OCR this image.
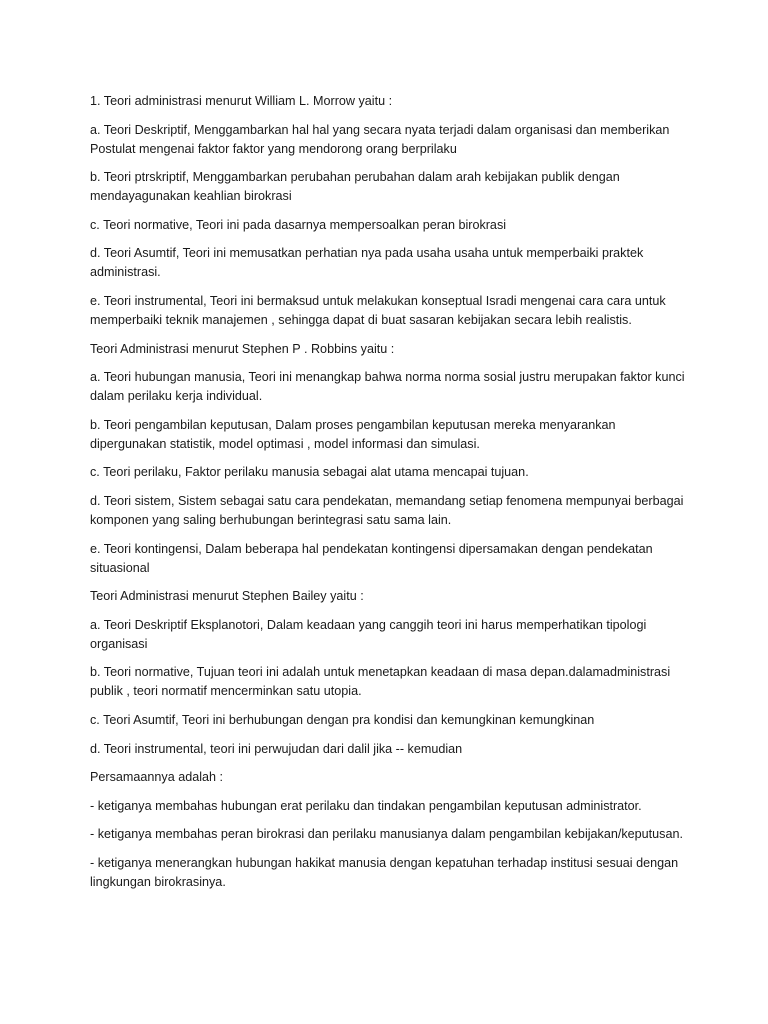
1. Teori administrasi menurut William L. Morrow yaitu :

a. Teori Deskriptif, Menggambarkan hal hal yang secara nyata terjadi dalam organisasi dan memberikan Postulat mengenai faktor faktor yang mendorong orang berprilaku

b. Teori ptrskriptif, Menggambarkan perubahan perubahan dalam arah kebijakan publik dengan mendayagunakan keahlian birokrasi

c. Teori normative, Teori ini pada dasarnya mempersoalkan peran birokrasi

d. Teori Asumtif, Teori ini memusatkan perhatian nya pada usaha usaha untuk memperbaiki praktek administrasi.

e. Teori instrumental, Teori ini bermaksud untuk melakukan konseptual Isradi mengenai cara cara untuk memperbaiki teknik manajemen , sehingga dapat di buat sasaran kebijakan secara lebih realistis.

Teori Administrasi menurut Stephen P . Robbins yaitu :

a. Teori hubungan manusia, Teori ini menangkap bahwa norma norma sosial justru merupakan faktor kunci dalam perilaku kerja individual.

b. Teori pengambilan keputusan, Dalam proses pengambilan keputusan mereka menyarankan dipergunakan statistik, model optimasi , model informasi dan simulasi.

c. Teori perilaku, Faktor perilaku manusia sebagai alat utama mencapai tujuan.

d. Teori sistem, Sistem sebagai satu cara pendekatan, memandang setiap fenomena mempunyai berbagai komponen yang saling berhubungan berintegrasi satu sama lain.

e. Teori kontingensi, Dalam beberapa hal pendekatan kontingensi dipersamakan dengan pendekatan situasional

Teori Administrasi menurut Stephen Bailey yaitu :

a. Teori Deskriptif Eksplanotori, Dalam keadaan yang canggih teori ini harus memperhatikan tipologi organisasi

b. Teori normative, Tujuan teori ini adalah untuk menetapkan keadaan di masa depan.dalamadministrasi publik , teori normatif mencerminkan satu utopia.

c. Teori Asumtif, Teori ini berhubungan dengan pra kondisi dan kemungkinan kemungkinan

d. Teori instrumental, teori ini perwujudan dari dalil jika -- kemudian

Persamaannya adalah :

- ketiganya membahas hubungan erat perilaku dan tindakan pengambilan keputusan administrator.

- ketiganya membahas peran birokrasi dan perilaku manusianya dalam pengambilan kebijakan/keputusan.

- ketiganya menerangkan hubungan hakikat manusia dengan kepatuhan terhadap institusi sesuai dengan lingkungan birokrasinya.
